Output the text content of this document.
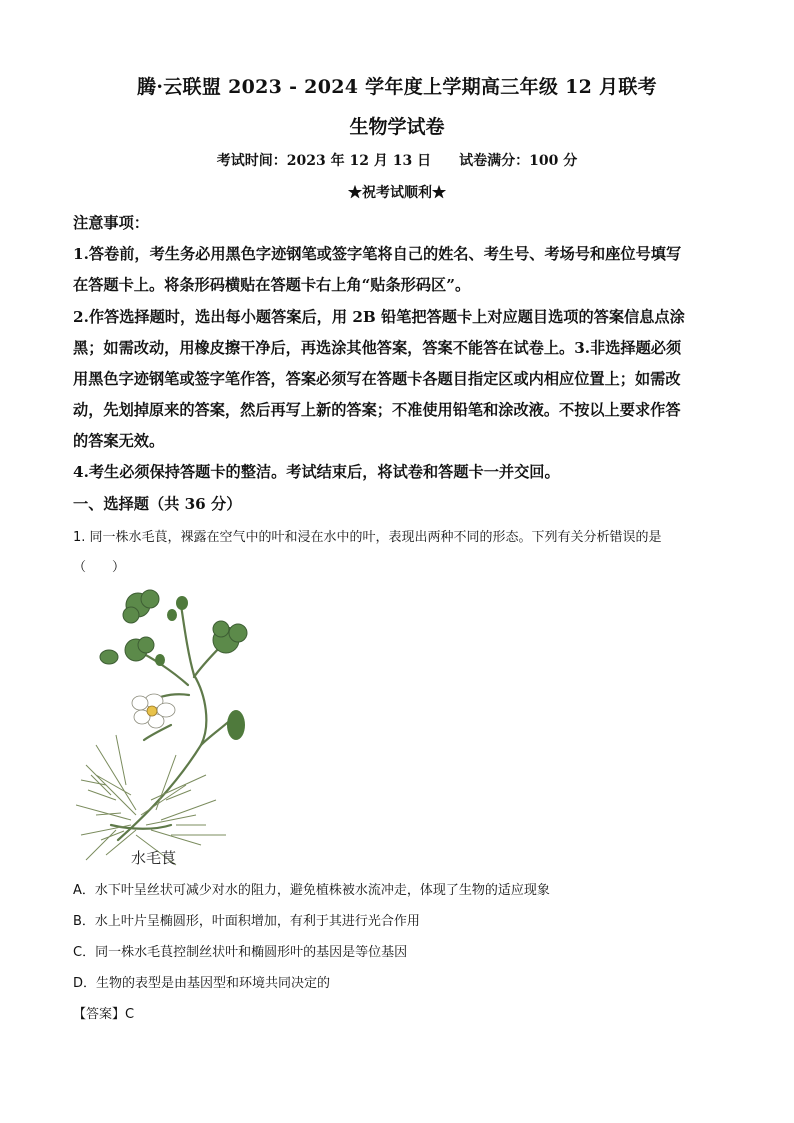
腾·云联盟 2023 - 2024 学年度上学期高三年级 12 月联考
生物学试卷
考试时间：2023 年 12 月 13 日　　试卷满分：100 分
★祝考试顺利★
注意事项：
1.答卷前，考生务必用黑色字迹钢笔或签字笔将自己的姓名、考生号、考场号和座位号填写
在答题卡上。将条形码横贴在答题卡右上角“贴条形码区”。
2.作答选择题时，选出每小题答案后，用 2B 铅笔把答题卡上对应题目选项的答案信息点涂
黑；如需改动，用橡皮擦干净后，再选涂其他答案，答案不能答在试卷上。3.非选择题必须
用黑色字迹钢笔或签字笔作答，答案必须写在答题卡各题目指定区或内相应位置上；如需改
动，先划掉原来的答案，然后再写上新的答案；不准使用铅笔和涂改液。不按以上要求作答
的答案无效。
4.考生必须保持答题卡的整洁。考试结束后，将试卷和答题卡一并交回。
一、选择题（共 36 分）
1. 同一株水毛茛，裸露在空气中的叶和浸在水中的叶，表现出两种不同的形态。下列有关分析错误的是
（　　）
水毛茛
A．水下叶呈丝状可减少对水的阻力，避免植株被水流冲走，体现了生物的适应现象
B．水上叶片呈椭圆形，叶面积增加，有利于其进行光合作用
C．同一株水毛茛控制丝状叶和椭圆形叶的基因是等位基因
D．生物的表型是由基因型和环境共同决定的
【答案】C
